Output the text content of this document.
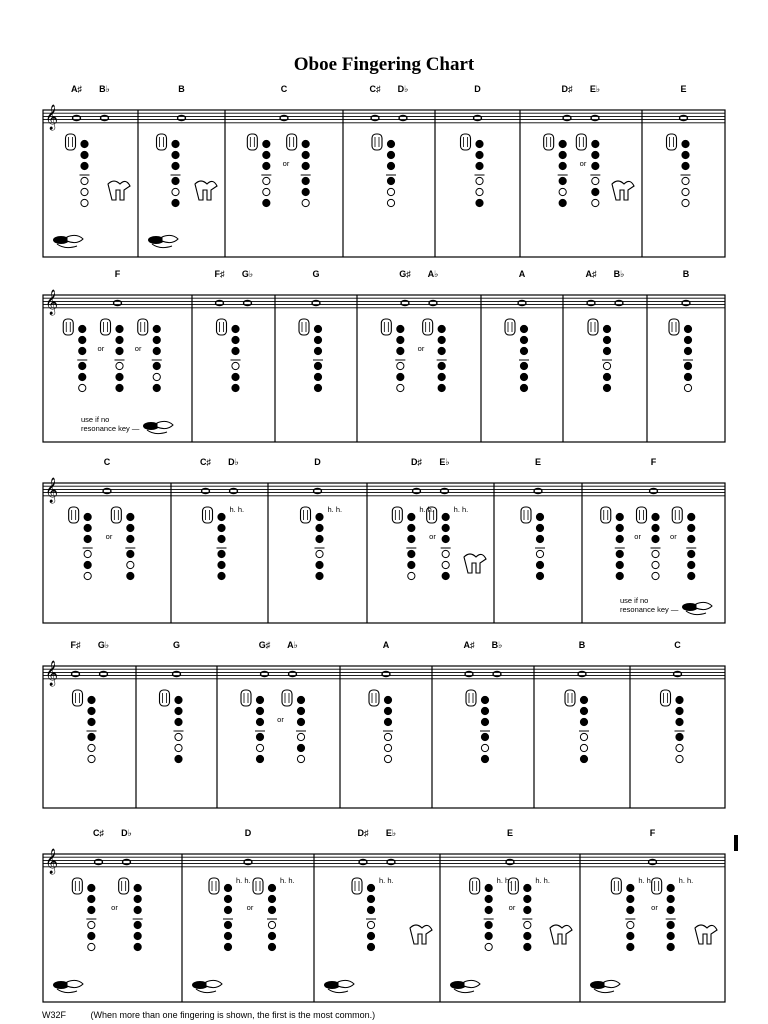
Oboe Fingering Chart
𝄞
A♯ B♭	B	C
or
C♯ D♭	D	D♯ E♭
or
E
𝄞
F
or	or
use if no
resonance key —
F♯ G♭	G	G♯ A♭
or
A	A♯ B♭	B
𝄞
C
or
C♯ D♭
h. h.
D
h. h.
D♯ E♭
or
h. h.	h. h.
E	F
or	or
use if no
resonance key —
𝄞
F♯ G♭	G	G♯ A♭
or
A	A♯ B♭	B	C
𝄞
C♯ D♭
or
D
or
h. h.	h. h.
D♯ E♭
h. h.
E
or
h. h.	h. h.
F
or
h. h.	h. h.
W32F	(When more than one fingering is shown, the first is the most common.)
